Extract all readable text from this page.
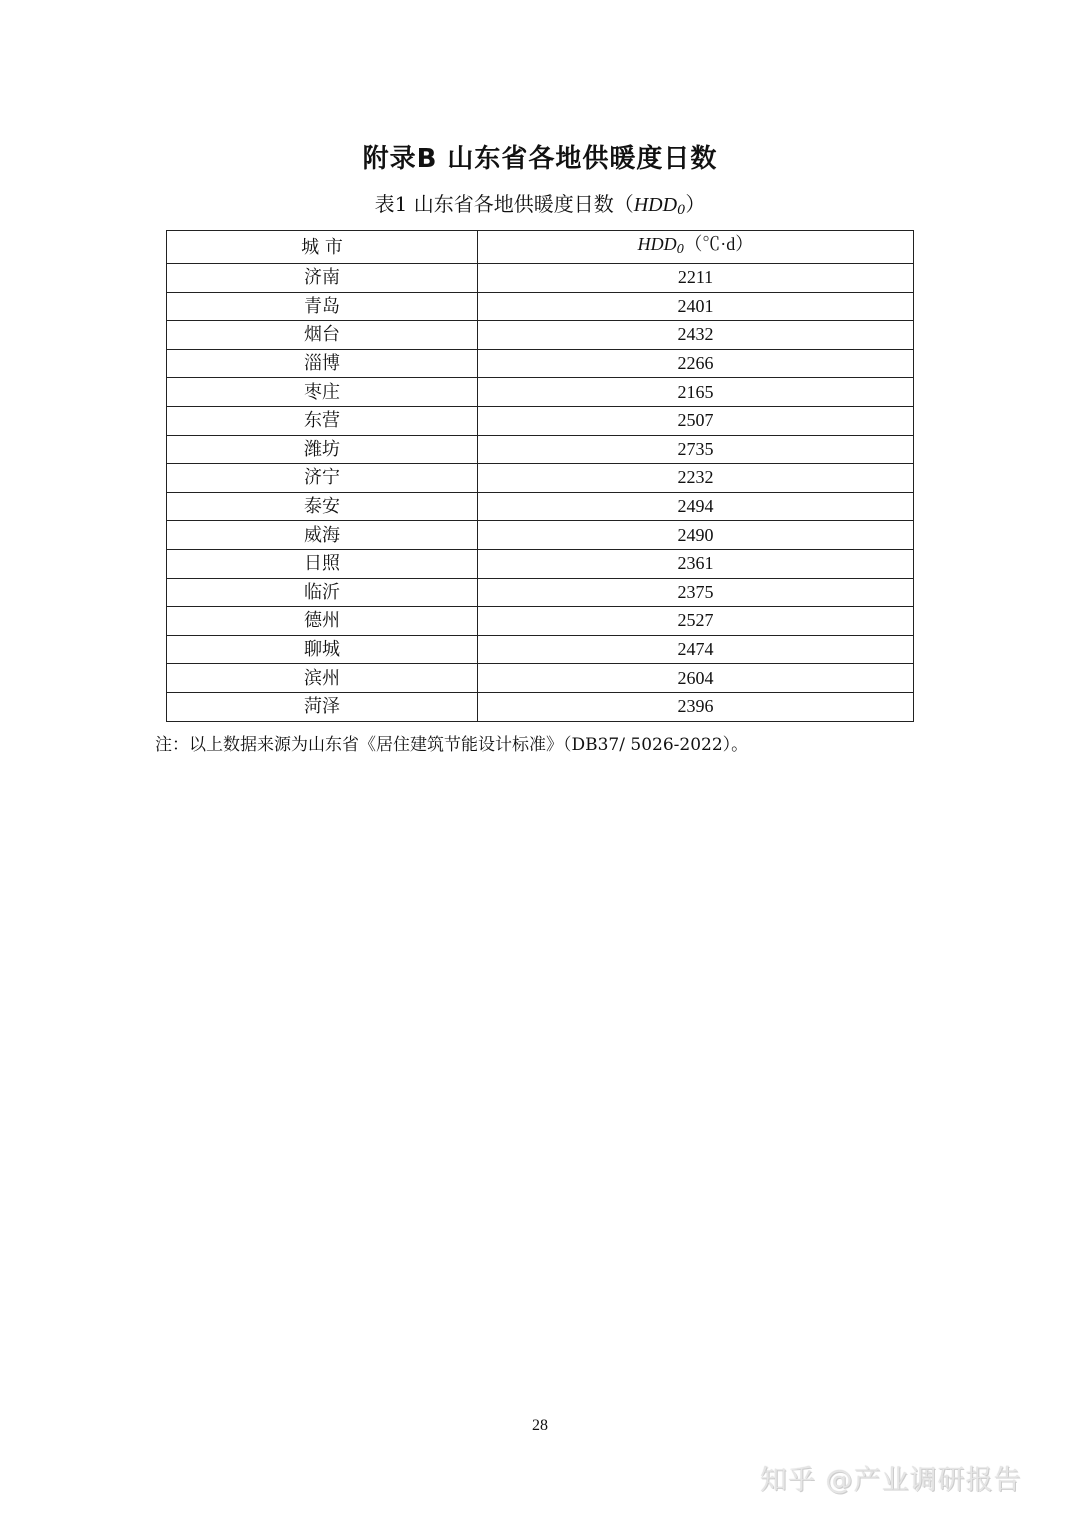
附录B 山东省各地供暖度日数
表1 山东省各地供暖度日数$(HDD_0)$
城 市	$HDD_0(℃\cdot d)$
济南	2211
青岛	2401
烟台	2432
淄博	2266
枣庄	2165
东营	2507
潍坊	2735
济宁	2232
泰安	2494
威海	2490
日照	2361
临沂	2375
德州	2527
聊城	2474
滨州	2604
菏泽	2396
注：以上数据来源为山东省《居住建筑节能设计标准》（DB37/ 5026-2022）。
28
知乎 @产业调研报告
